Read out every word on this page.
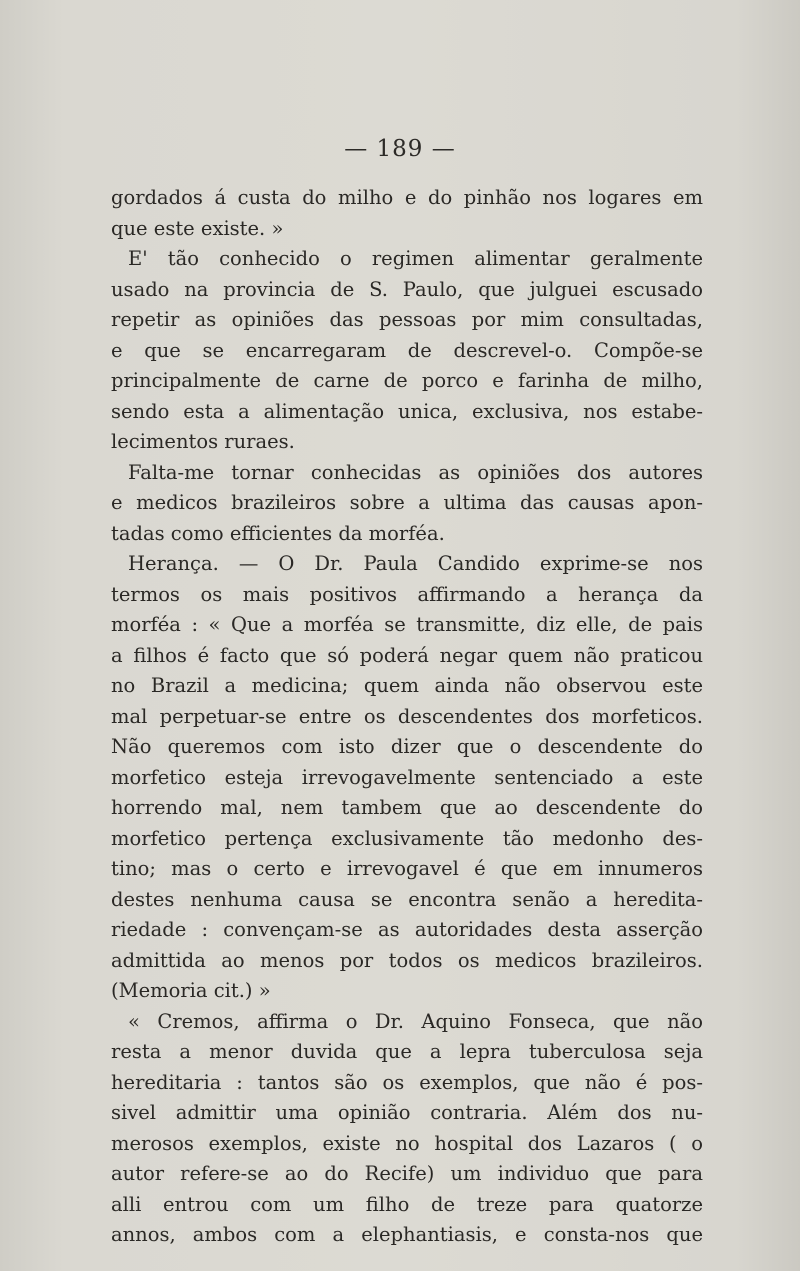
— 189 —
gordados á custa do milho e do pinhão nos logares em
que este existe. »
E' tão conhecido o regimen alimentar geralmente
usado na provincia de S. Paulo, que julguei escusado
repetir as opiniões das pessoas por mim consultadas,
e que se encarregaram de descrevel-o. Compõe-se
principalmente de carne de porco e farinha de milho,
sendo esta a alimentação unica, exclusiva, nos estabe-
lecimentos ruraes.
Falta-me tornar conhecidas as opiniões dos autores
e medicos brazileiros sobre a ultima das causas apon-
tadas como efficientes da morféa.
Herança. — O Dr. Paula Candido exprime-se nos
termos os mais positivos affirmando a herança da
morféa : « Que a morféa se transmitte, diz elle, de pais
a filhos é facto que só poderá negar quem não praticou
no Brazil a medicina; quem ainda não observou este
mal perpetuar-se entre os descendentes dos morfeticos.
Não queremos com isto dizer que o descendente do
morfetico esteja irrevogavelmente sentenciado a este
horrendo mal, nem tambem que ao descendente do
morfetico pertença exclusivamente tão medonho des-
tino; mas o certo e irrevogavel é que em innumeros
destes nenhuma causa se encontra senão a heredita-
riedade : convençam-se as autoridades desta asserção
admittida ao menos por todos os medicos brazileiros.
(Memoria cit.) »
« Cremos, affirma o Dr. Aquino Fonseca, que não
resta a menor duvida que a lepra tuberculosa seja
hereditaria : tantos são os exemplos, que não é pos-
sivel admittir uma opinião contraria. Além dos nu-
merosos exemplos, existe no hospital dos Lazaros ( o
autor refere-se ao do Recife) um individuo que para
alli entrou com um filho de treze para quatorze
annos, ambos com a elephantiasis, e consta-nos que
